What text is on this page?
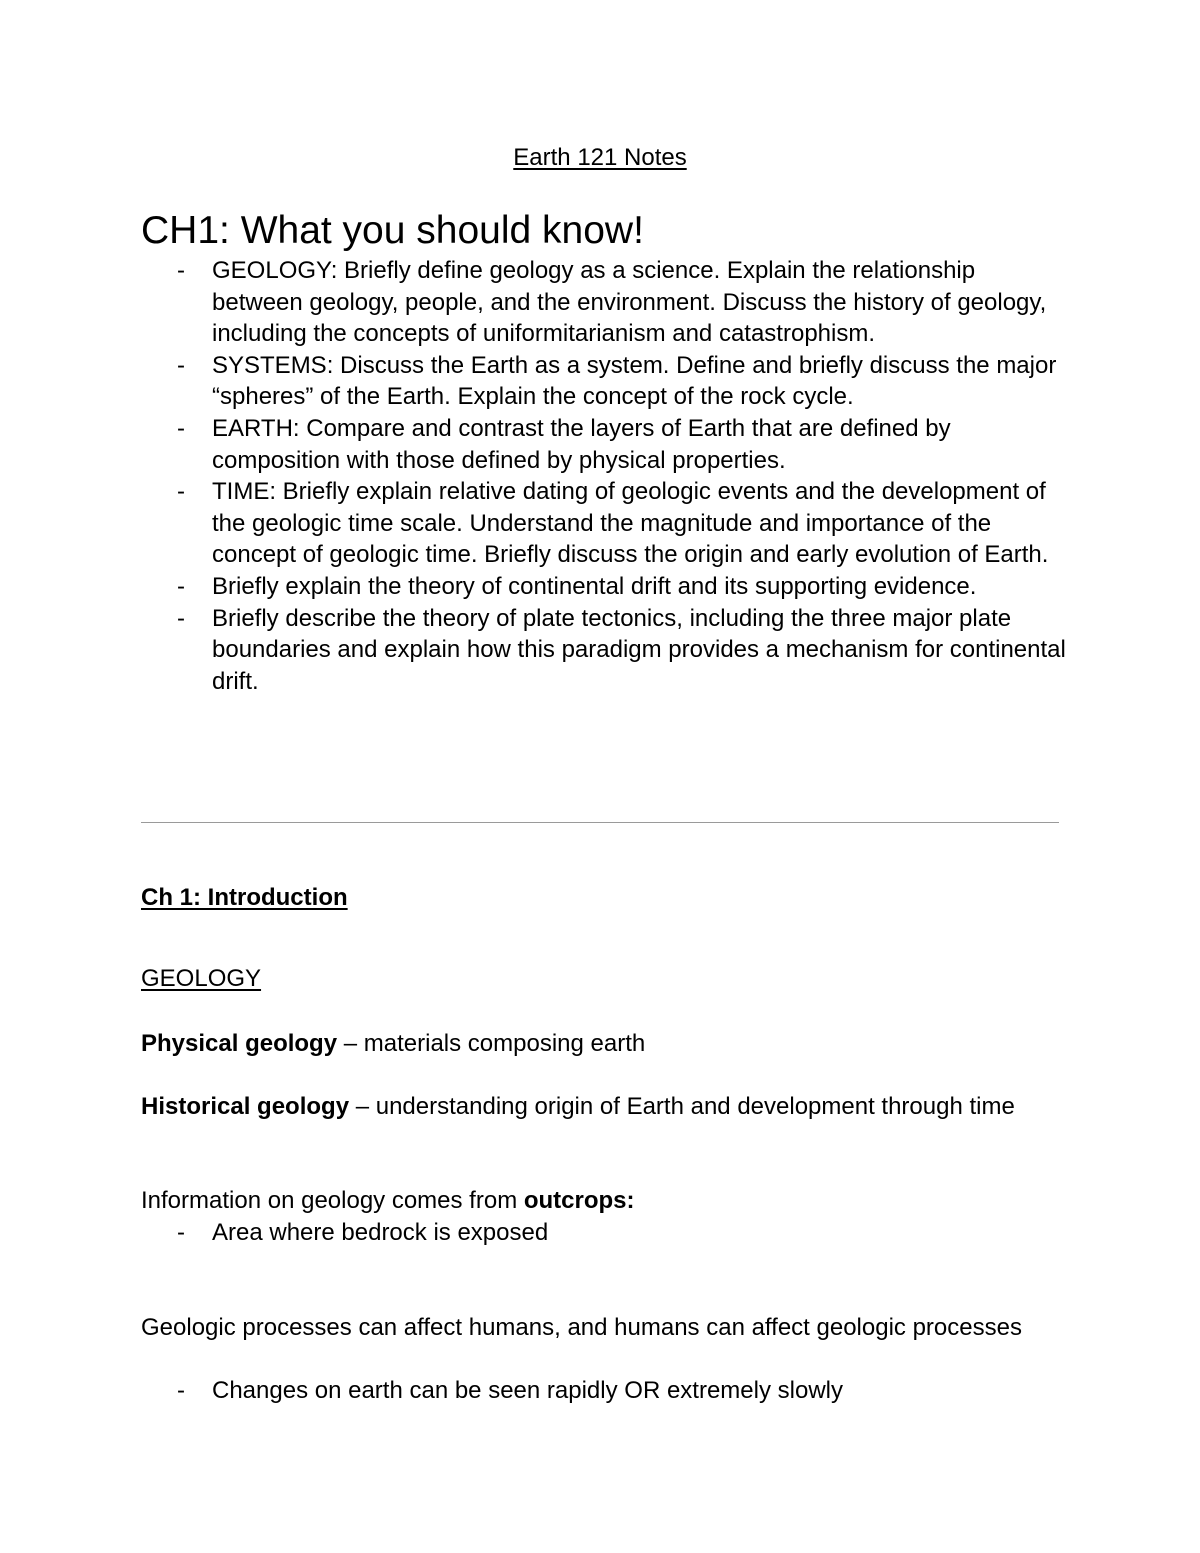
Earth 121 Notes
CH1: What you should know!
- GEOLOGY: Briefly define geology as a science. Explain the relationship between geology, people, and the environment. Discuss the history of geology, including the concepts of uniformitarianism and catastrophism.
- SYSTEMS: Discuss the Earth as a system. Define and briefly discuss the major “spheres” of the Earth. Explain the concept of the rock cycle.
- EARTH: Compare and contrast the layers of Earth that are defined by composition with those defined by physical properties.
- TIME: Briefly explain relative dating of geologic events and the development of the geologic time scale. Understand the magnitude and importance of the concept of geologic time. Briefly discuss the origin and early evolution of Earth.
- Briefly explain the theory of continental drift and its supporting evidence.
- Briefly describe the theory of plate tectonics, including the three major plate boundaries and explain how this paradigm provides a mechanism for continental drift.
Ch 1: Introduction
GEOLOGY
Physical geology – materials composing earth
Historical geology – understanding origin of Earth and development through time
Information on geology comes from outcrops:
- Area where bedrock is exposed
Geologic processes can affect humans, and humans can affect geologic processes
- Changes on earth can be seen rapidly OR extremely slowly
